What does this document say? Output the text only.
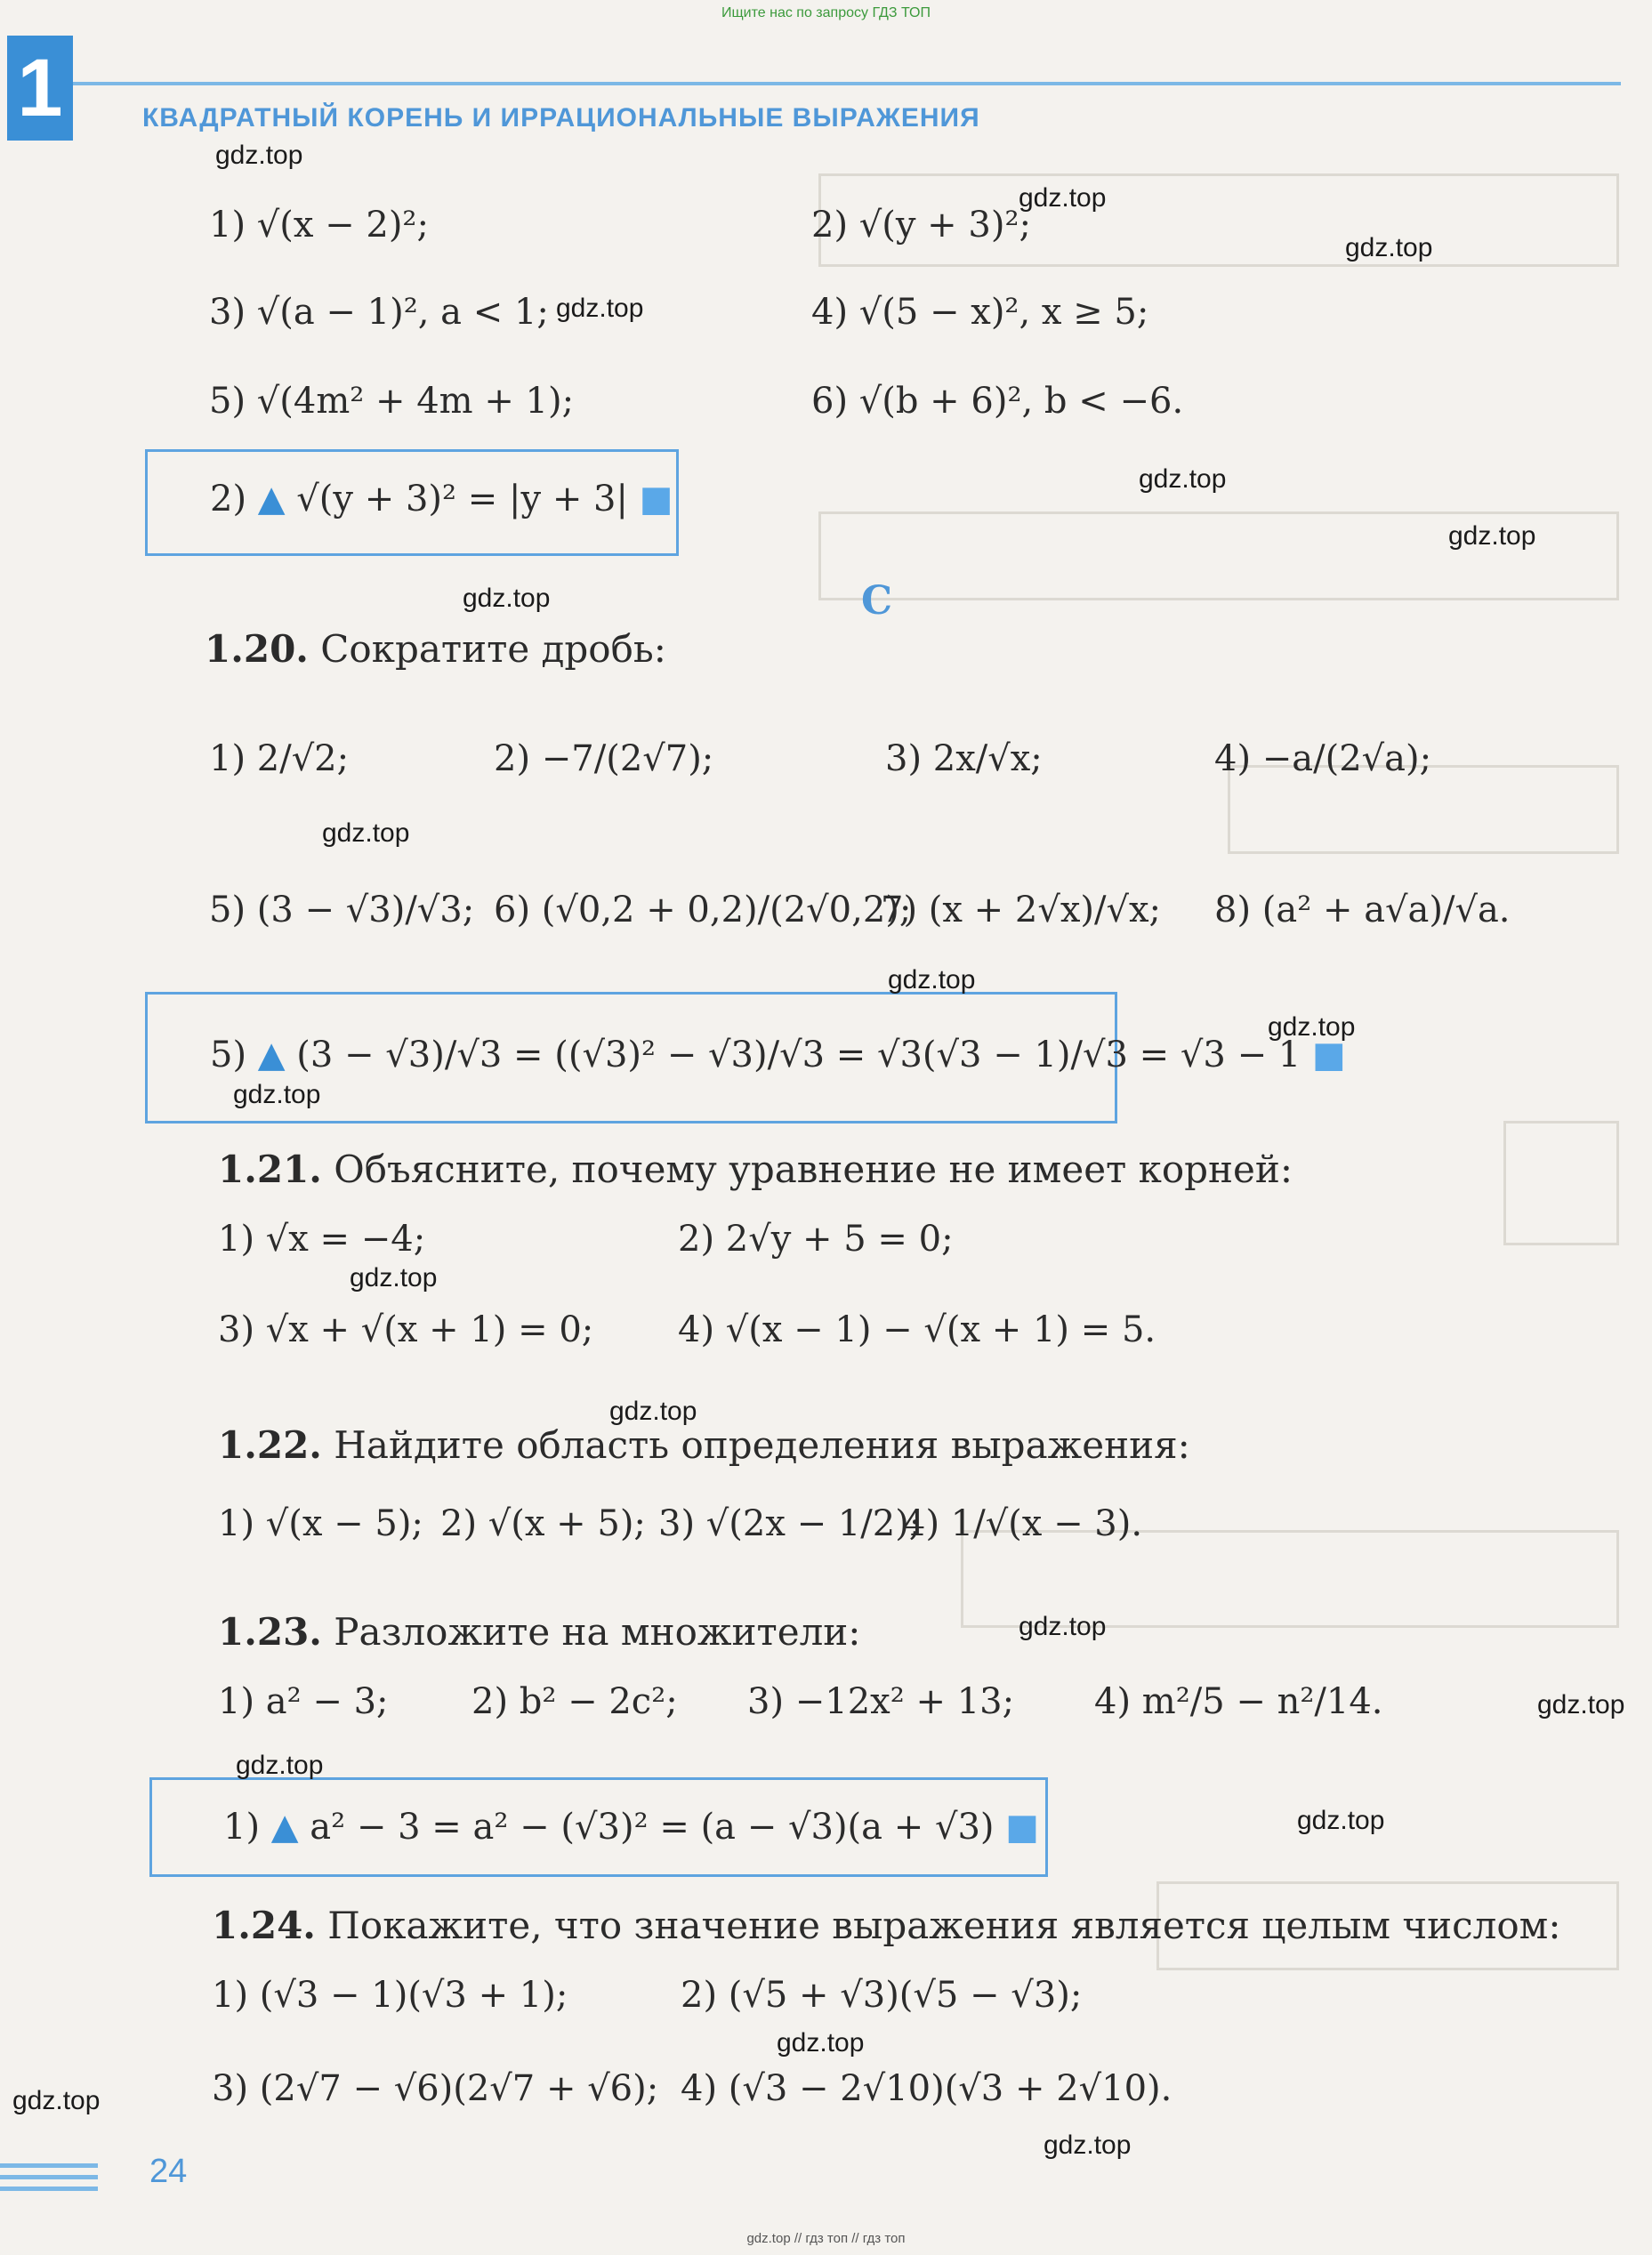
Ищите нас по запросу ГДЗ ТОП
1	КВАДРАТНЫЙ КОРЕНЬ И ИРРАЦИОНАЛЬНЫЕ ВЫРАЖЕНИЯ
1) √(x − 2)²;	2) √(y + 3)²;
3) √(a − 1)², a < 1;	4) √(5 − x)², x ≥ 5;
5) √(4m² + 4m + 1);	6) √(b + 6)², b < −6.
2) ▲ √(y + 3)² = |y + 3| ■
C
1.20. Сократите дробь:
1) 2/√2;	2) −7/(2√7);	3) 2x/√x;	4) −a/(2√a);
5) (3 − √3)/√3; 6) (√0,2 + 0,2)/(2√0,2);
7) (x + 2√x)/√x; 8) (a² + a√a)/√a.
5) ▲ (3 − √3)/√3 = ((√3)² − √3)/√3 = √3(√3 − 1)/√3 = √3 − 1 ■
1.21. Объясните, почему уравнение не имеет корней:
1) √x = −4;	2) 2√y + 5 = 0;
3) √x + √(x + 1) = 0; 4) √(x − 1) − √(x + 1) = 5.
1.22. Найдите область определения выражения:
1) √(x − 5); 2) √(x + 5); 3) √(2x − 1/2);
4) 1/√(x − 3).
1.23. Разложите на множители:
1) a² − 3; 2) b² − 2c²; 3) −12x² + 13; 4) m²/5 − n²/14.
1) ▲ a² − 3 = a² − (√3)² = (a − √3)(a + √3) ■
1.24. Покажите, что значение выражения является целым числом:
1) (√3 − 1)(√3 + 1);	2) (√5 + √3)(√5 − √3);
3) (2√7 − √6)(2√7 + √6); 4) (√3 − 2√10)(√3 + 2√10).
gdz.top
gdz.top
gdz.top
gdz.top
gdz.top
gdz.top
gdz.top
gdz.top
gdz.top
gdz.top
gdz.top
gdz.top
gdz.top
gdz.top
gdz.top
gdz.top
gdz.top
gdz.top
gdz.top
gdz.top
24
gdz.top // гдз топ // гдз топ
